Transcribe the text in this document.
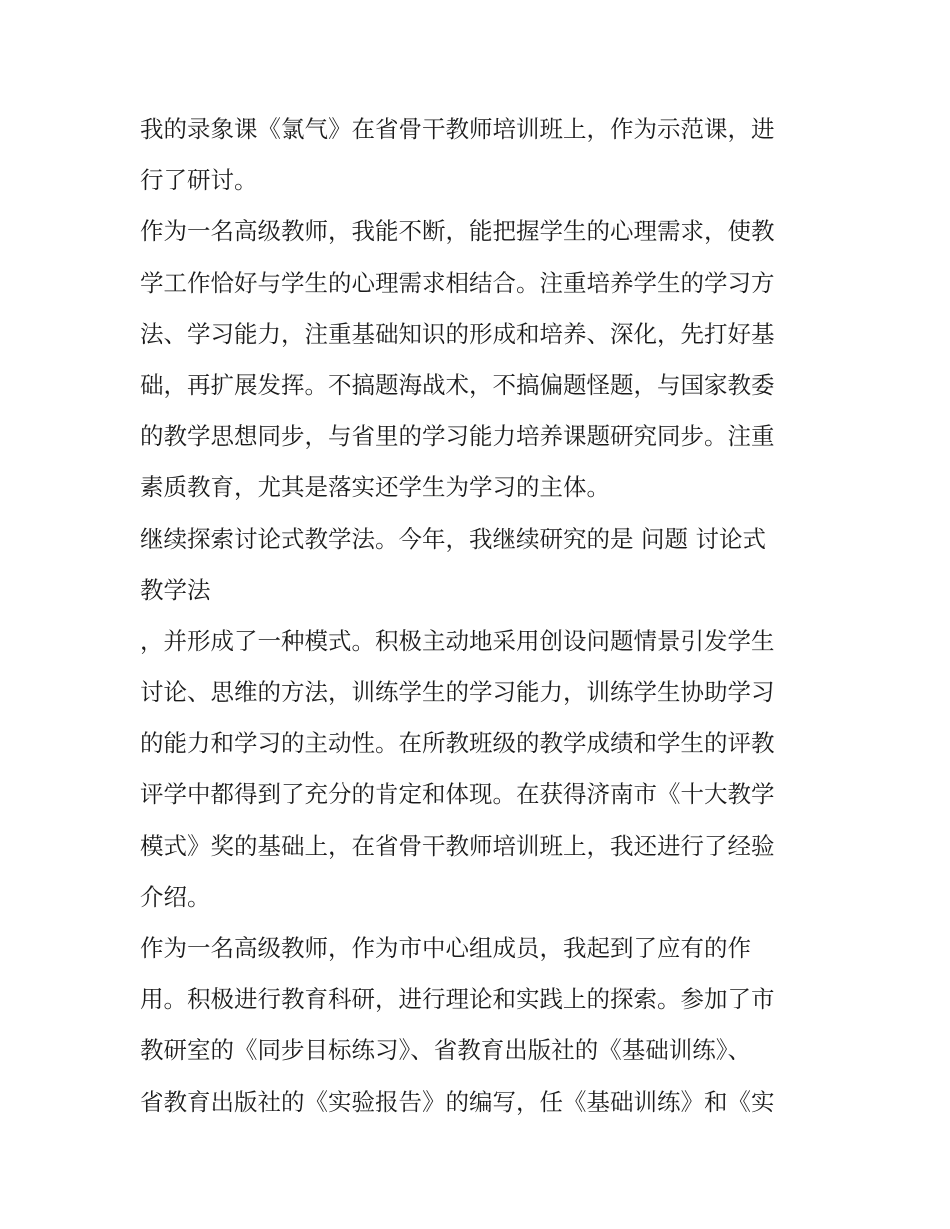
我的录象课《氯气》在省骨干教师培训班上，作为示范课，进
行了研讨。
作为一名高级教师，我能不断，能把握学生的心理需求，使教
学工作恰好与学生的心理需求相结合。注重培养学生的学习方
法、学习能力，注重基础知识的形成和培养、深化，先打好基
础，再扩展发挥。不搞题海战术，不搞偏题怪题，与国家教委
的教学思想同步，与省里的学习能力培养课题研究同步。注重
素质教育，尤其是落实还学生为学习的主体。
继续探索讨论式教学法。今年，我继续研究的是 问题 讨论式
教学法
，并形成了一种模式。积极主动地采用创设问题情景引发学生
讨论、思维的方法，训练学生的学习能力，训练学生协助学习
的能力和学习的主动性。在所教班级的教学成绩和学生的评教
评学中都得到了充分的肯定和体现。在获得济南市《十大教学
模式》奖的基础上，在省骨干教师培训班上，我还进行了经验
介绍。
作为一名高级教师，作为市中心组成员，我起到了应有的作
用。积极进行教育科研，进行理论和实践上的探索。参加了市
教研室的《同步目标练习》、省教育出版社的《基础训练》、
省教育出版社的《实验报告》的编写，任《基础训练》和《实
